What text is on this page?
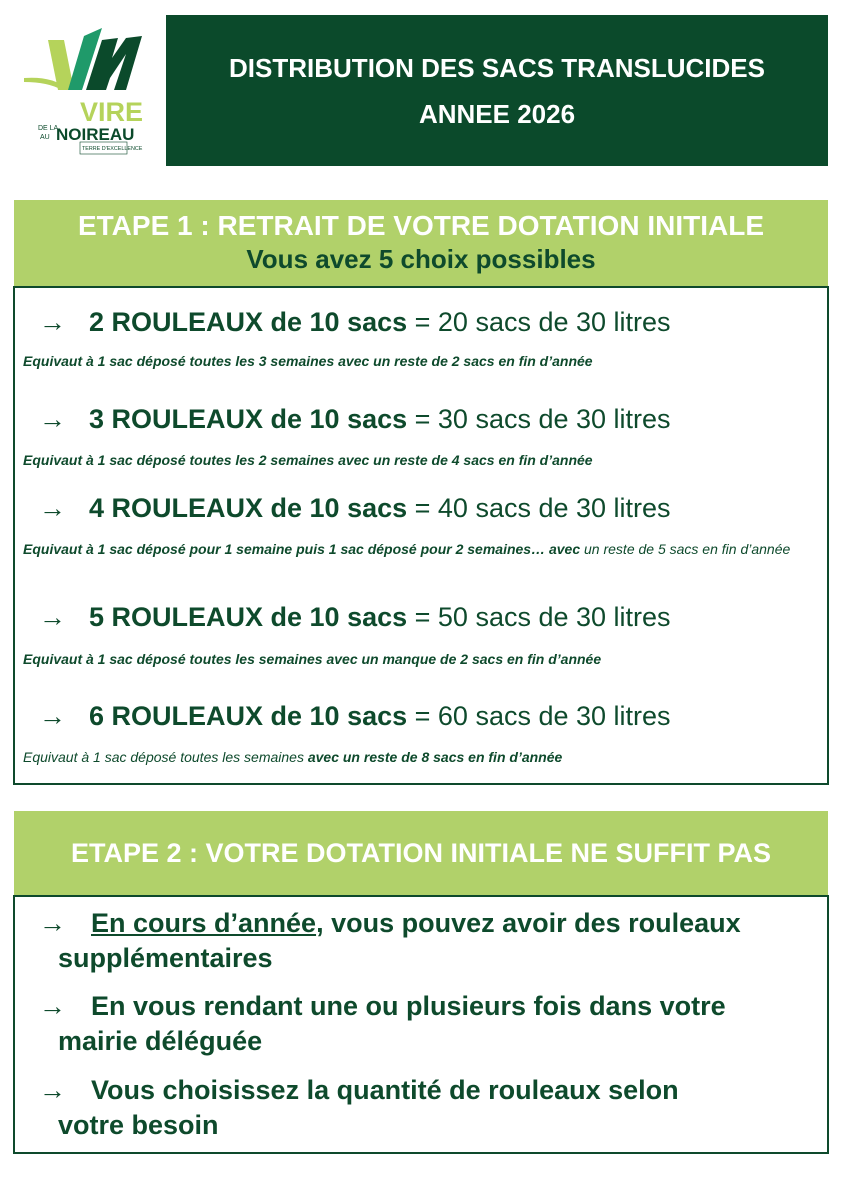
VIRE
DE LA
AU NOIREAU
TERRE D'EXCELLENCE
DISTRIBUTION DES SACS TRANSLUCIDES
ANNEE 2026
ETAPE 1 : RETRAIT DE VOTRE DOTATION INITIALE
Vous avez 5 choix possibles
→ 2 ROULEAUX de 10 sacs = 20 sacs de 30 litres
Equivaut à 1 sac déposé toutes les 3 semaines avec un reste de 2 sacs en fin d’année
→ 3 ROULEAUX de 10 sacs = 30 sacs de 30 litres
Equivaut à 1 sac déposé toutes les 2 semaines avec un reste de 4 sacs en fin d’année
→ 4 ROULEAUX de 10 sacs = 40 sacs de 30 litres
Equivaut à 1 sac déposé pour 1 semaine puis 1 sac déposé pour 2 semaines… avec un reste de 5 sacs en fin d’année
→ 5 ROULEAUX de 10 sacs = 50 sacs de 30 litres
Equivaut à 1 sac déposé toutes les semaines avec un manque de 2 sacs en fin d’année
→ 6 ROULEAUX de 10 sacs = 60 sacs de 30 litres
Equivaut à 1 sac déposé toutes les semaines avec un reste de 8 sacs en fin d’année
ETAPE 2 : VOTRE DOTATION INITIALE NE SUFFIT PAS
→ En cours d’année, vous pouvez avoir des rouleaux
supplémentaires
→ En vous rendant une ou plusieurs fois dans votre
mairie déléguée
→ Vous choisissez la quantité de rouleaux selon
votre besoin
